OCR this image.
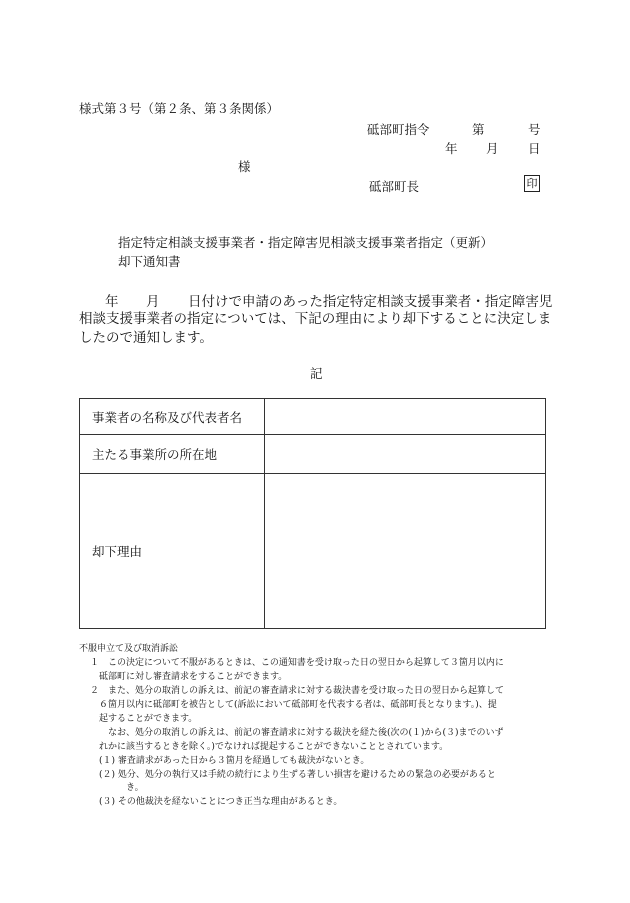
様式第３号（第２条、第３条関係）
砥部町指令	第	号
年 月 日
様
砥部町長	印
指定特定相談支援事業者・指定障害児相談支援事業者指定（更新）
却下通知書
年 月 日付けで申請のあった指定特定相談支援事業者・指定障害児
相談支援事業者の指定については、下記の理由により却下することに決定しま
したので通知します。
記
事業者の名称及び代表者名	
主たる事業所の所在地	
却下理由	
不服申立て及び取消訴訟
１　この決定について不服があるときは、この通知書を受け取った日の翌日から起算して３箇月以内に
砥部町に対し審査請求をすることができます。
２　また、処分の取消しの訴えは、前記の審査請求に対する裁決書を受け取った日の翌日から起算して
６箇月以内に砥部町を被告として(訴訟において砥部町を代表する者は、砥部町長となります。)、提
起することができます。
なお、処分の取消しの訴えは、前記の審査請求に対する裁決を経た後(次の(１)から(３)までのいず
れかに該当するときを除く。)でなければ提起することができないこととされています。
(１) 審査請求があった日から３箇月を経過しても裁決がないとき。
(２) 処分、処分の執行又は手続の続行により生ずる著しい損害を避けるための緊急の必要があると
き。
(３) その他裁決を経ないことにつき正当な理由があるとき。
